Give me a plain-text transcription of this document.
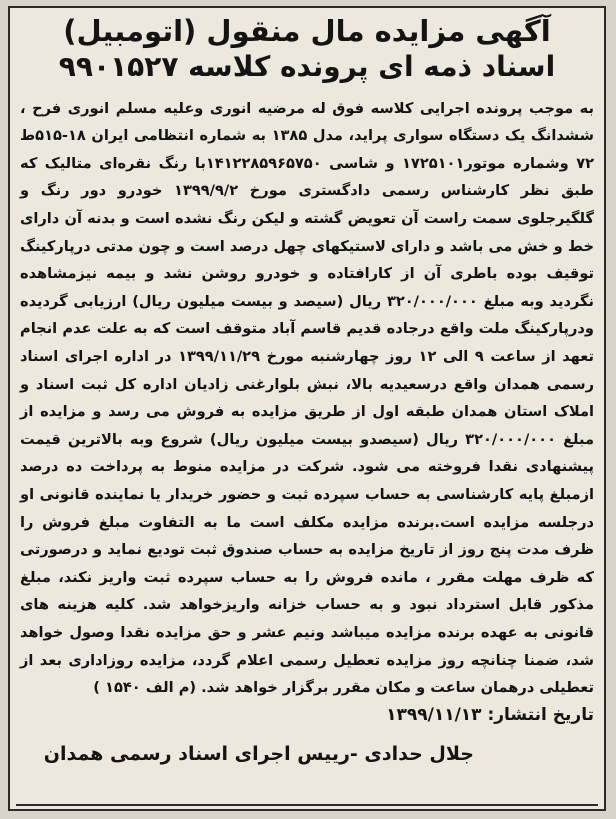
آگهی مزایده مال منقول (اتومبیل)
اسناد ذمه ای پرونده کلاسه ۹۹۰۱۵۲۷
به موجب پرونده اجرایی کلاسه فوق له مرضیه انوری وعلیه مسلم انوری فرح ، ششدانگ یک دستگاه سواری پراید، مدل ۱۳۸۵ به شماره انتظامی ایران ۱۸-۵۱۵ط ۷۲ وشماره موتور۱۷۲۵۱۰۱ و شاسی ۱۴۱۲۲۸۵۹۶۵۷۵۰با رنگ نقره‌ای متالیک که طبق نظر کارشناس رسمی دادگستری مورخ ۱۳۹۹/۹/۲ خودرو دور رنگ و گلگیرجلوی سمت راست آن تعویض گشته و لیکن رنگ نشده است و بدنه آن دارای خط و خش می باشد و دارای لاستیکهای چهل درصد است و چون مدتی درپارکینگ توقیف بوده باطری آن از کارافتاده و خودرو روشن نشد و بیمه نیزمشاهده نگردید وبه مبلغ ۳۲۰/۰۰۰/۰۰۰ ریال (سیصد و بیست میلیون ریال) ارزیابی گردیده ودرپارکینگ ملت واقع درجاده قدیم قاسم آباد متوقف است که به علت عدم انجام تعهد از ساعت ۹ الی ۱۲ روز چهارشنبه مورخ ۱۳۹۹/۱۱/۲۹ در اداره اجرای اسناد رسمی همدان واقع درسعیدیه بالا، نبش بلوارغنی زادیان اداره کل ثبت اسناد و املاک استان همدان طبقه اول از طریق مزایده به فروش می رسد و مزایده از مبلغ ۳۲۰/۰۰۰/۰۰۰ ریال (سیصدو بیست میلیون ریال) شروع وبه بالاترین قیمت پیشنهادی نقدا فروخته می شود. شرکت در مزایده منوط به پرداخت ده درصد ازمبلغ پایه کارشناسی به حساب سپرده ثبت و حضور خریدار یا نماینده قانونی او درجلسه مزایده است.برنده مزایده مکلف است ما به التفاوت مبلغ فروش را ظرف مدت پنج روز از تاریخ مزایده به حساب صندوق ثبت تودیع نماید و درصورتی که ظرف مهلت مقرر ، مانده فروش را به حساب سپرده ثبت واریز نکند، مبلغ مذکور قابل استرداد نبود و به حساب خزانه واریزخواهد شد. کلیه هزینه های قانونی به عهده برنده مزایده میباشد ونیم عشر و حق مزایده نقدا وصول خواهد شد، ضمنا چنانچه روز مزایده تعطیل رسمی اعلام گردد، مزایده روزاداری بعد از تعطیلی درهمان ساعت و مکان مقرر برگزار خواهد شد. (م الف ۱۵۴۰ )
تاریخ انتشار: ۱۳۹۹/۱۱/۱۳
جلال حدادی -رییس اجرای اسناد رسمی همدان
